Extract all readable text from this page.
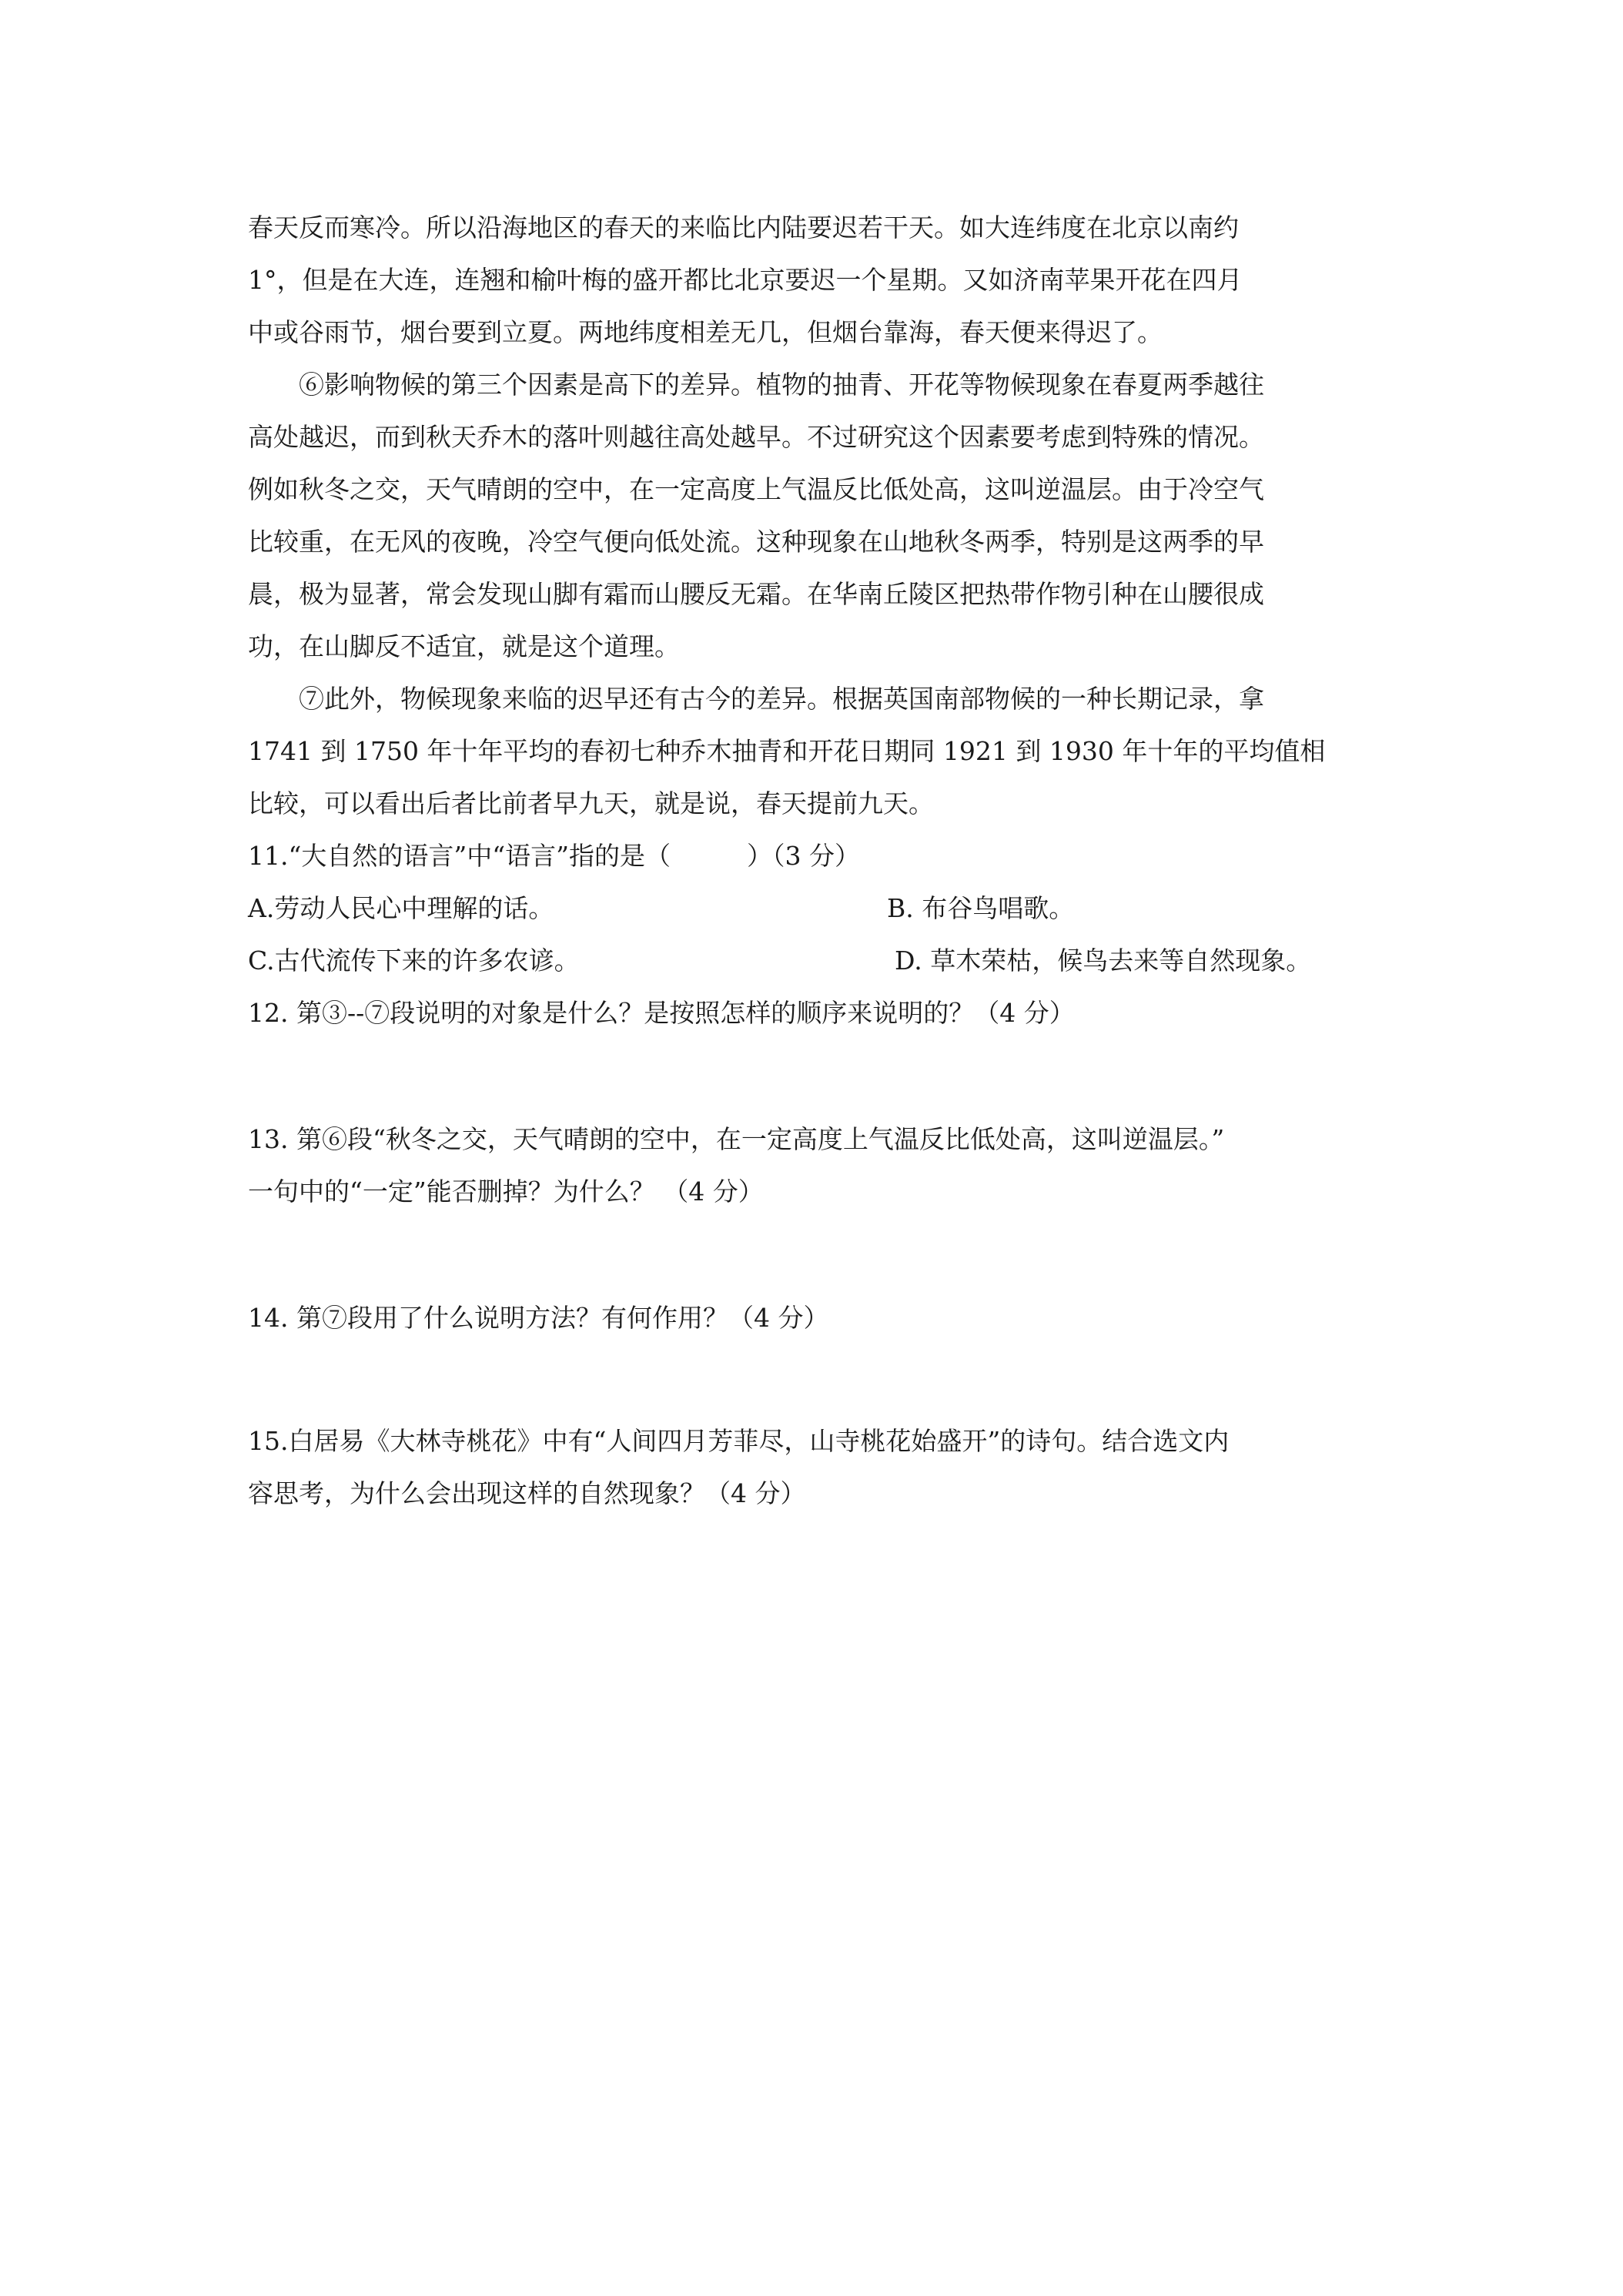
春天反而寒冷。所以沿海地区的春天的来临比内陆要迟若干天。如大连纬度在北京以南约
1°，但是在大连，连翘和榆叶梅的盛开都比北京要迟一个星期。又如济南苹果开花在四月
中或谷雨节，烟台要到立夏。两地纬度相差无几，但烟台靠海，春天便来得迟了。
⑥影响物候的第三个因素是高下的差异。植物的抽青、开花等物候现象在春夏两季越往
高处越迟，而到秋天乔木的落叶则越往高处越早。不过研究这个因素要考虑到特殊的情况。
例如秋冬之交，天气晴朗的空中，在一定高度上气温反比低处高，这叫逆温层。由于冷空气
比较重，在无风的夜晚，冷空气便向低处流。这种现象在山地秋冬两季，特别是这两季的早
晨，极为显著，常会发现山脚有霜而山腰反无霜。在华南丘陵区把热带作物引种在山腰很成
功，在山脚反不适宜，就是这个道理。
⑦此外，物候现象来临的迟早还有古今的差异。根据英国南部物候的一种长期记录，拿
1741 到 1750 年十年平均的春初七种乔木抽青和开花日期同 1921 到 1930 年十年的平均值相
比较，可以看出后者比前者早九天，就是说，春天提前九天。
11.“大自然的语言”中“语言”指的是（　　　）（3 分）
A.劳动人民心中理解的话。	B. 布谷鸟唱歌。
C.古代流传下来的许多农谚。	D. 草木荣枯，候鸟去来等自然现象。
12. 第③--⑦段说明的对象是什么？是按照怎样的顺序来说明的？（4 分）
13. 第⑥段“秋冬之交，天气晴朗的空中，在一定高度上气温反比低处高，这叫逆温层。”
一句中的“一定”能否删掉？为什么？ （4 分）
14. 第⑦段用了什么说明方法？有何作用？（4 分）
15.白居易《大林寺桃花》中有“人间四月芳菲尽，山寺桃花始盛开”的诗句。结合选文内
容思考，为什么会出现这样的自然现象？（4 分）
